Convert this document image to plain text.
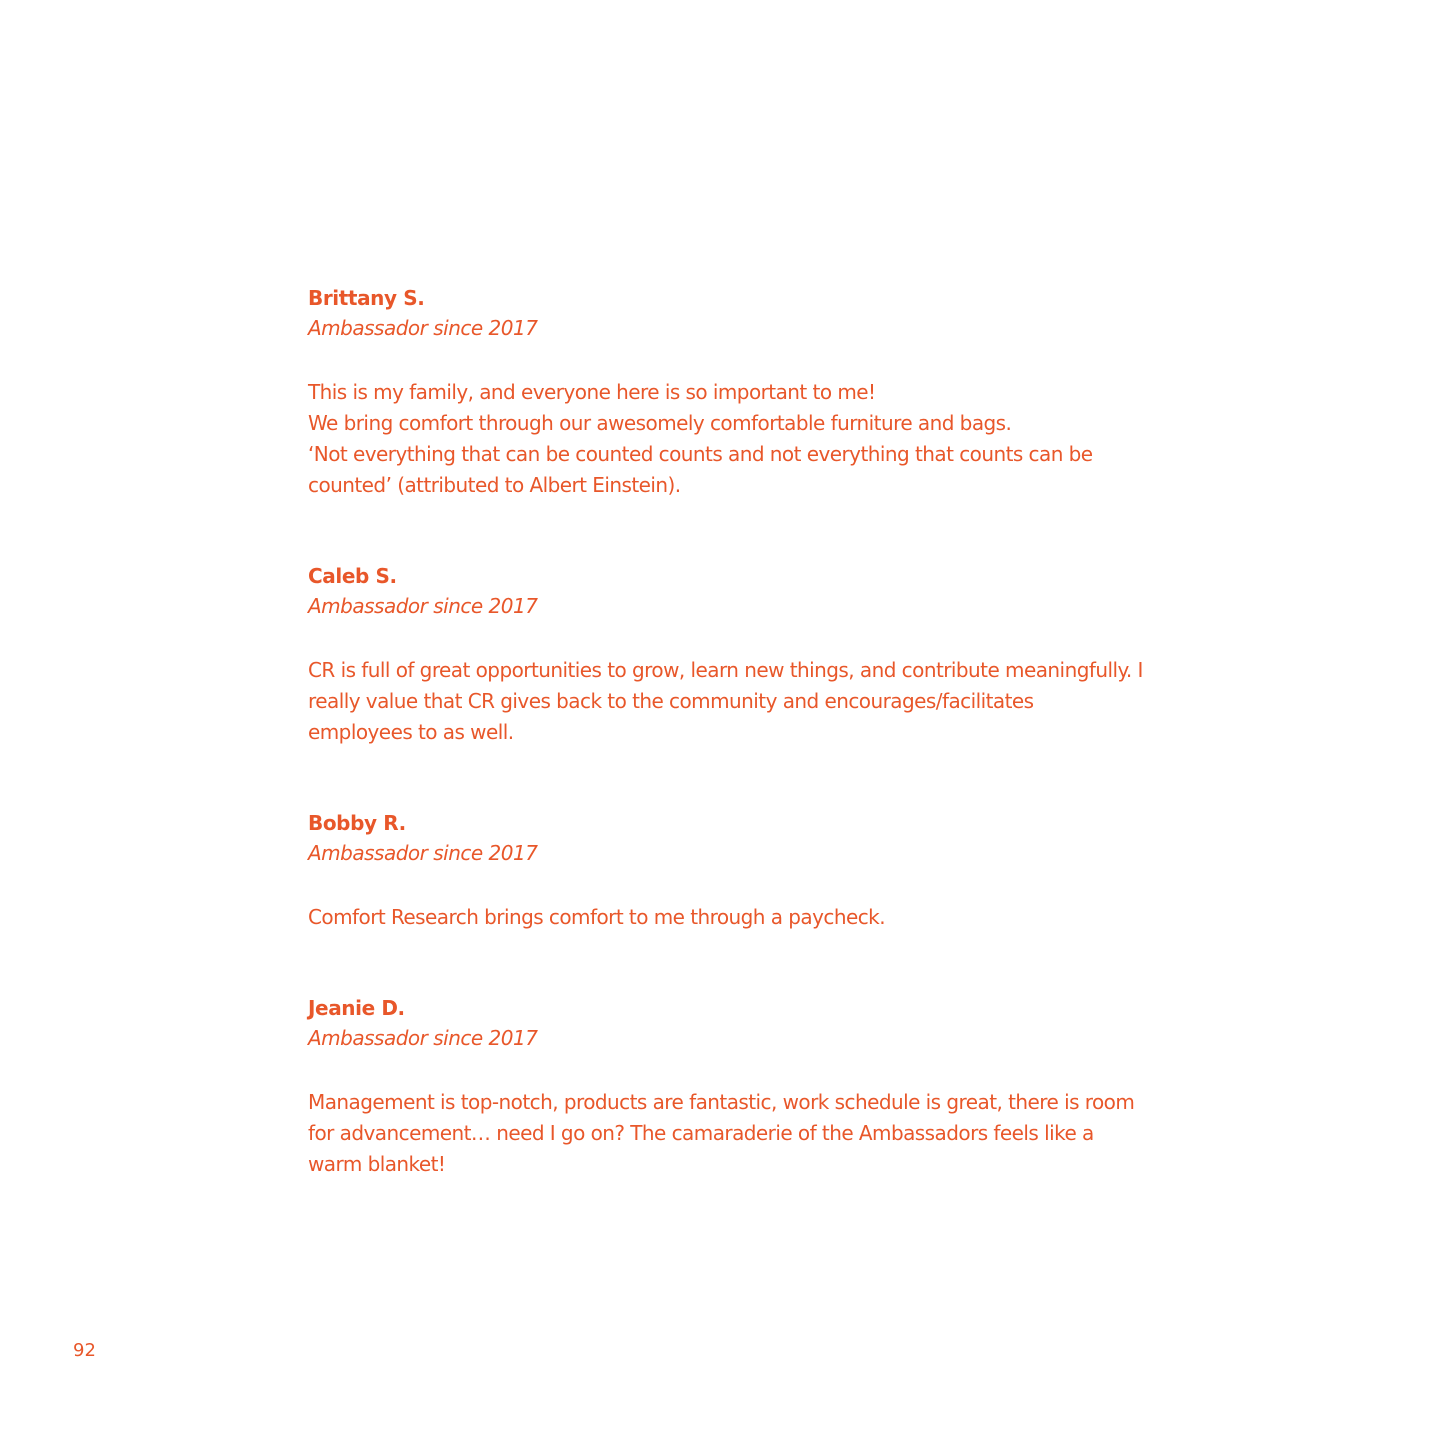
Brittany S.

Ambassador since 2017

This is my family, and everyone here is so important to me!
We bring comfort through our awesomely comfortable furniture and bags.
‘Not everything that can be counted counts and not everything that counts can be
counted’ (attributed to Albert Einstein).

Caleb S.

Ambassador since 2017

CR is full of great opportunities to grow, learn new things, and contribute meaningfully. I
really value that CR gives back to the community and encourages/facilitates
employees to as well.

Bobby R.

Ambassador since 2017

Comfort Research brings comfort to me through a paycheck.

Jeanie D.

Ambassador since 2017

Management is top-notch, products are fantastic, work schedule is great, there is room
for advancement… need I go on? The camaraderie of the Ambassadors feels like a
warm blanket!

92
